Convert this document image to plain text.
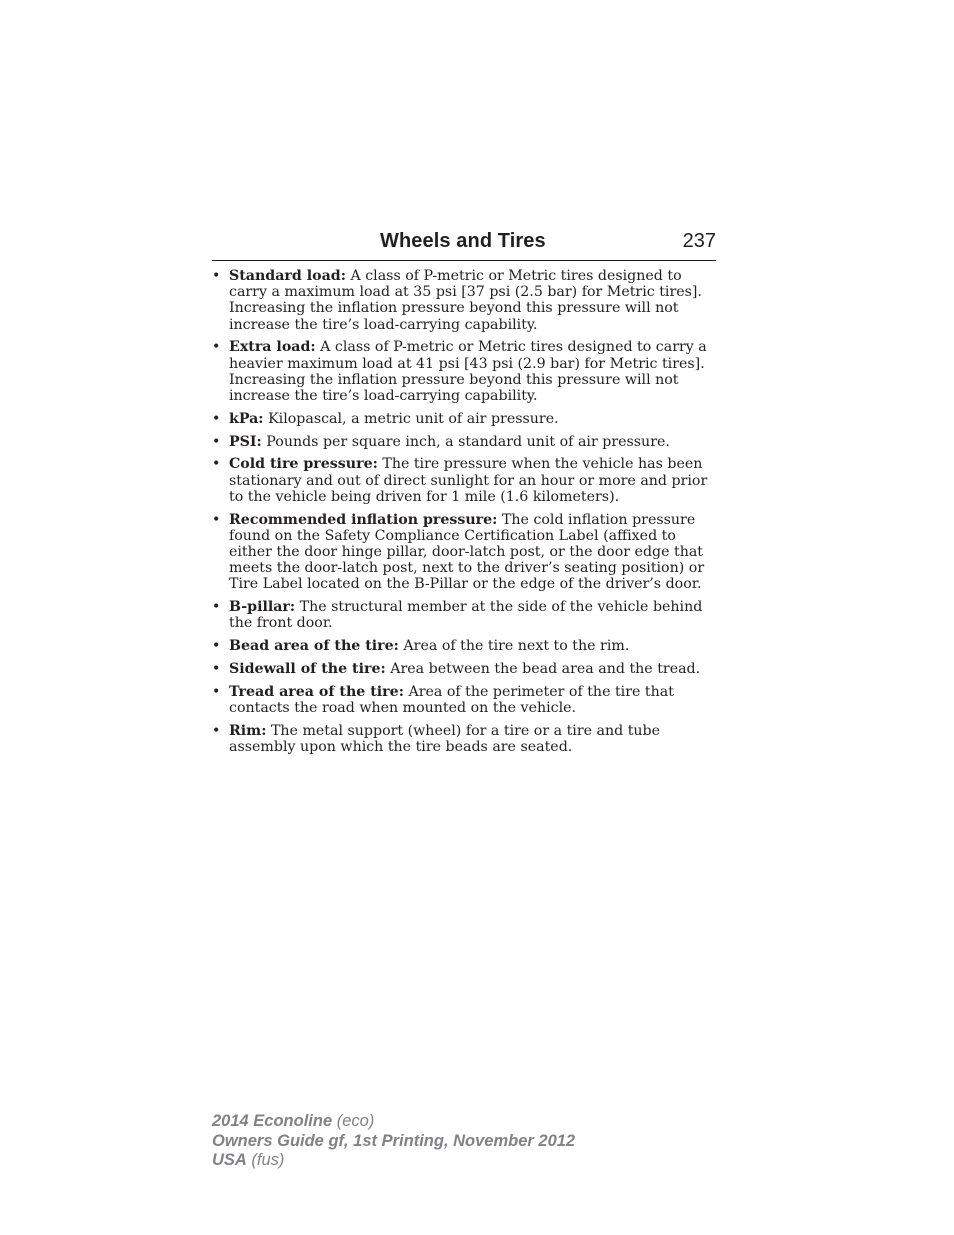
Wheels and Tires	237
• Standard load: A class of P-metric or Metric tires designed to carry a maximum load at 35 psi [37 psi (2.5 bar) for Metric tires]. Increasing the inflation pressure beyond this pressure will not increase the tire’s load-carrying capability.
• Extra load: A class of P-metric or Metric tires designed to carry a heavier maximum load at 41 psi [43 psi (2.9 bar) for Metric tires]. Increasing the inflation pressure beyond this pressure will not increase the tire’s load-carrying capability.
• kPa: Kilopascal, a metric unit of air pressure.
• PSI: Pounds per square inch, a standard unit of air pressure.
• Cold tire pressure: The tire pressure when the vehicle has been stationary and out of direct sunlight for an hour or more and prior to the vehicle being driven for 1 mile (1.6 kilometers).
• Recommended inflation pressure: The cold inflation pressure found on the Safety Compliance Certification Label (affixed to either the door hinge pillar, door-latch post, or the door edge that meets the door-latch post, next to the driver’s seating position) or Tire Label located on the B-Pillar or the edge of the driver’s door.
• B-pillar: The structural member at the side of the vehicle behind the front door.
• Bead area of the tire: Area of the tire next to the rim.
• Sidewall of the tire: Area between the bead area and the tread.
• Tread area of the tire: Area of the perimeter of the tire that contacts the road when mounted on the vehicle.
• Rim: The metal support (wheel) for a tire or a tire and tube assembly upon which the tire beads are seated.
2014 Econoline (eco)
Owners Guide gf, 1st Printing, November 2012
USA (fus)
